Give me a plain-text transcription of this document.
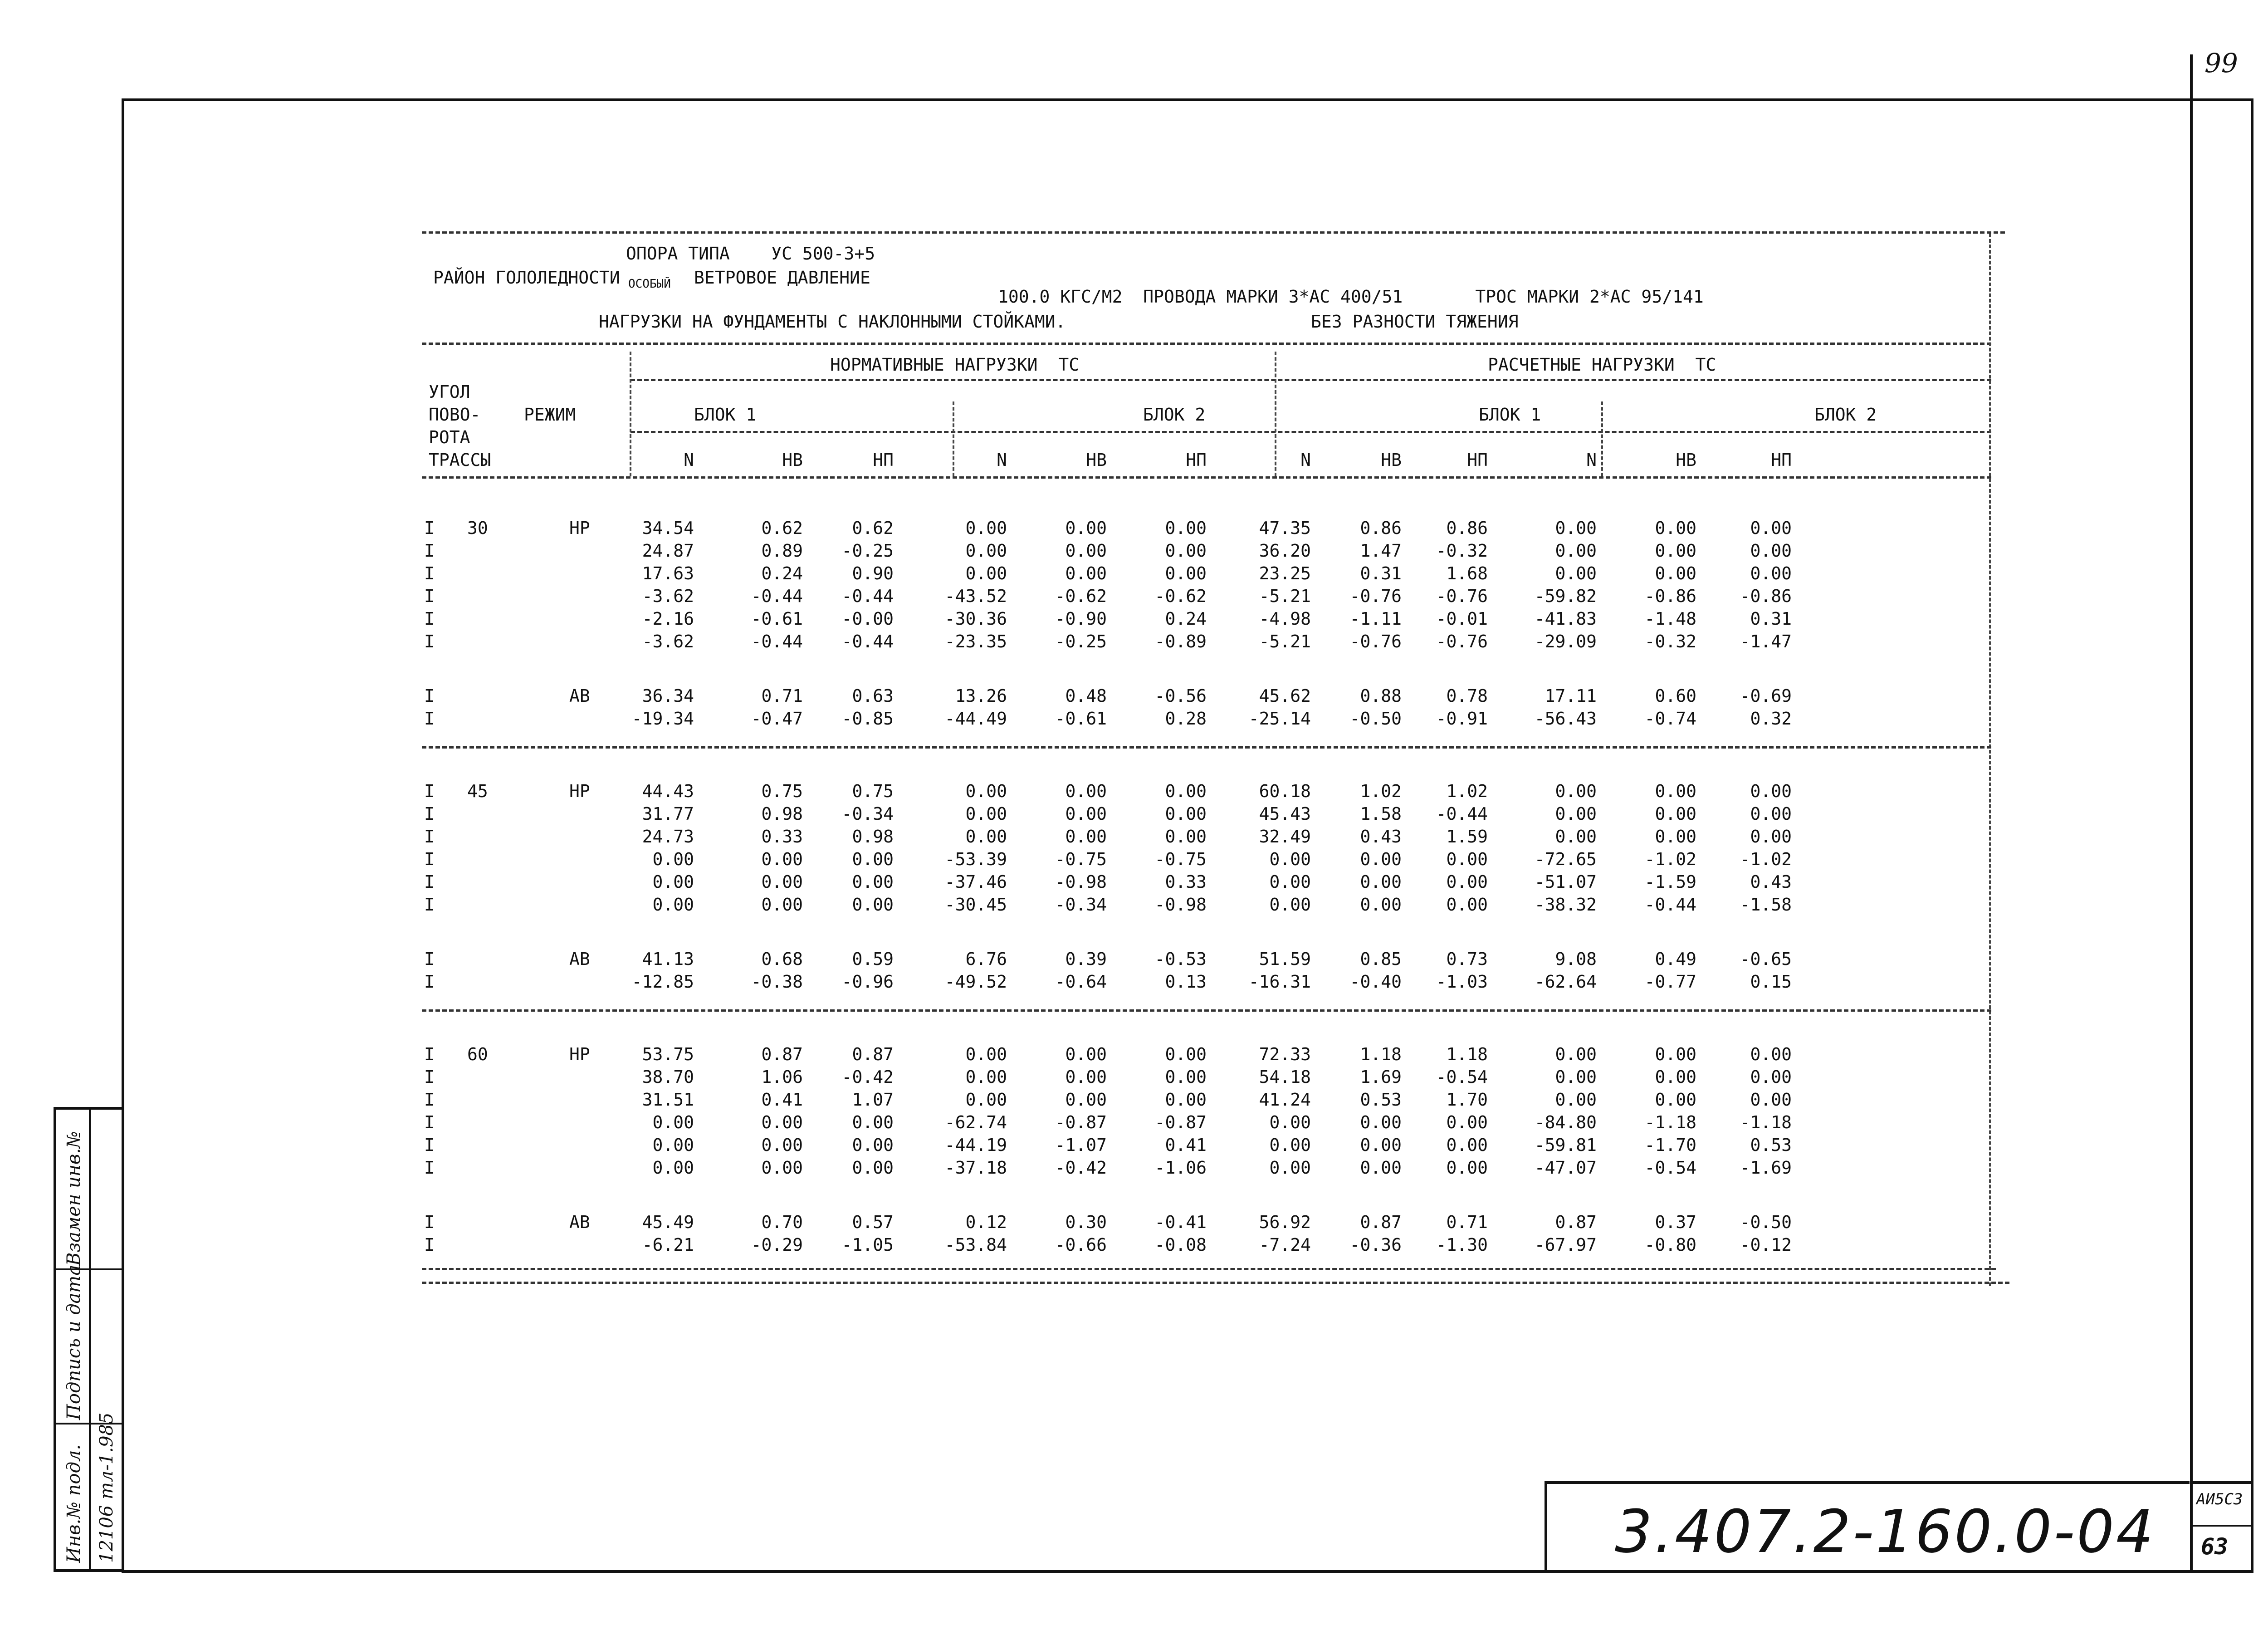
99
Взамен инв.№
Подпись и дата
Инв.№ подл. 12106 тл-1.985	3.407.2-160.0-04	АИ5С3
63
ОПОРА ТИПА    УС 500-3+5
РАЙОН ГОЛОЛЕДНОСТИ ОСОБЫЙ ВЕТРОВОЕ ДАВЛЕНИЕ
100.0 КГС/М2  ПРОВОДА МАРКИ 3*АС 400/51       ТРОС МАРКИ 2*АС 95/141
НАГРУЗКИ НА ФУНДАМЕНТЫ С НАКЛОННЫМИ СТОЙКАМИ.	БЕЗ РАЗНОСТИ ТЯЖЕНИЯ
УГОЛ
ПОВО-
РОТА
ТРАССЫ
РЕЖИМ
НОРМАТИВНЫЕ НАГРУЗКИ  ТС	РАСЧЕТНЫЕ НАГРУЗКИ  ТС
БЛОК 1	БЛОК 2	БЛОК 1	БЛОК 2
N	НВ	НП	N	НВ	НП	N	НВ	НП	N	НВ	НП
I 30	НР	34.54	0.62	0.62	0.00	0.00	0.00	47.35	0.86	0.86	0.00	0.00	0.00
I	24.87	0.89	-0.25	0.00	0.00	0.00	36.20	1.47	-0.32	0.00	0.00	0.00
I	17.63	0.24	0.90	0.00	0.00	0.00	23.25	0.31	1.68	0.00	0.00	0.00
I	-3.62	-0.44	-0.44	-43.52	-0.62	-0.62	-5.21	-0.76	-0.76	-59.82	-0.86	-0.86
I	-2.16	-0.61	-0.00	-30.36	-0.90	0.24	-4.98	-1.11	-0.01	-41.83	-1.48	0.31
I	-3.62	-0.44	-0.44	-23.35	-0.25	-0.89	-5.21	-0.76	-0.76	-29.09	-0.32	-1.47
I	АВ	36.34	0.71	0.63	13.26	0.48	-0.56	45.62	0.88	0.78	17.11	0.60	-0.69
I	-19.34	-0.47	-0.85	-44.49	-0.61	0.28	-25.14	-0.50	-0.91	-56.43	-0.74	0.32
I 45	НР	44.43	0.75	0.75	0.00	0.00	0.00	60.18	1.02	1.02	0.00	0.00	0.00
I	31.77	0.98	-0.34	0.00	0.00	0.00	45.43	1.58	-0.44	0.00	0.00	0.00
I	24.73	0.33	0.98	0.00	0.00	0.00	32.49	0.43	1.59	0.00	0.00	0.00
I	0.00	0.00	0.00	-53.39	-0.75	-0.75	0.00	0.00	0.00	-72.65	-1.02	-1.02
I	0.00	0.00	0.00	-37.46	-0.98	0.33	0.00	0.00	0.00	-51.07	-1.59	0.43
I	0.00	0.00	0.00	-30.45	-0.34	-0.98	0.00	0.00	0.00	-38.32	-0.44	-1.58
I	АВ	41.13	0.68	0.59	6.76	0.39	-0.53	51.59	0.85	0.73	9.08	0.49	-0.65
I	-12.85	-0.38	-0.96	-49.52	-0.64	0.13	-16.31	-0.40	-1.03	-62.64	-0.77	0.15
I 60	НР	53.75	0.87	0.87	0.00	0.00	0.00	72.33	1.18	1.18	0.00	0.00	0.00
I	38.70	1.06	-0.42	0.00	0.00	0.00	54.18	1.69	-0.54	0.00	0.00	0.00
I	31.51	0.41	1.07	0.00	0.00	0.00	41.24	0.53	1.70	0.00	0.00	0.00
I	0.00	0.00	0.00	-62.74	-0.87	-0.87	0.00	0.00	0.00	-84.80	-1.18	-1.18
I	0.00	0.00	0.00	-44.19	-1.07	0.41	0.00	0.00	0.00	-59.81	-1.70	0.53
I	0.00	0.00	0.00	-37.18	-0.42	-1.06	0.00	0.00	0.00	-47.07	-0.54	-1.69
I	АВ	45.49	0.70	0.57	0.12	0.30	-0.41	56.92	0.87	0.71	0.87	0.37	-0.50
I	-6.21	-0.29	-1.05	-53.84	-0.66	-0.08	-7.24	-0.36	-1.30	-67.97	-0.80	-0.12
